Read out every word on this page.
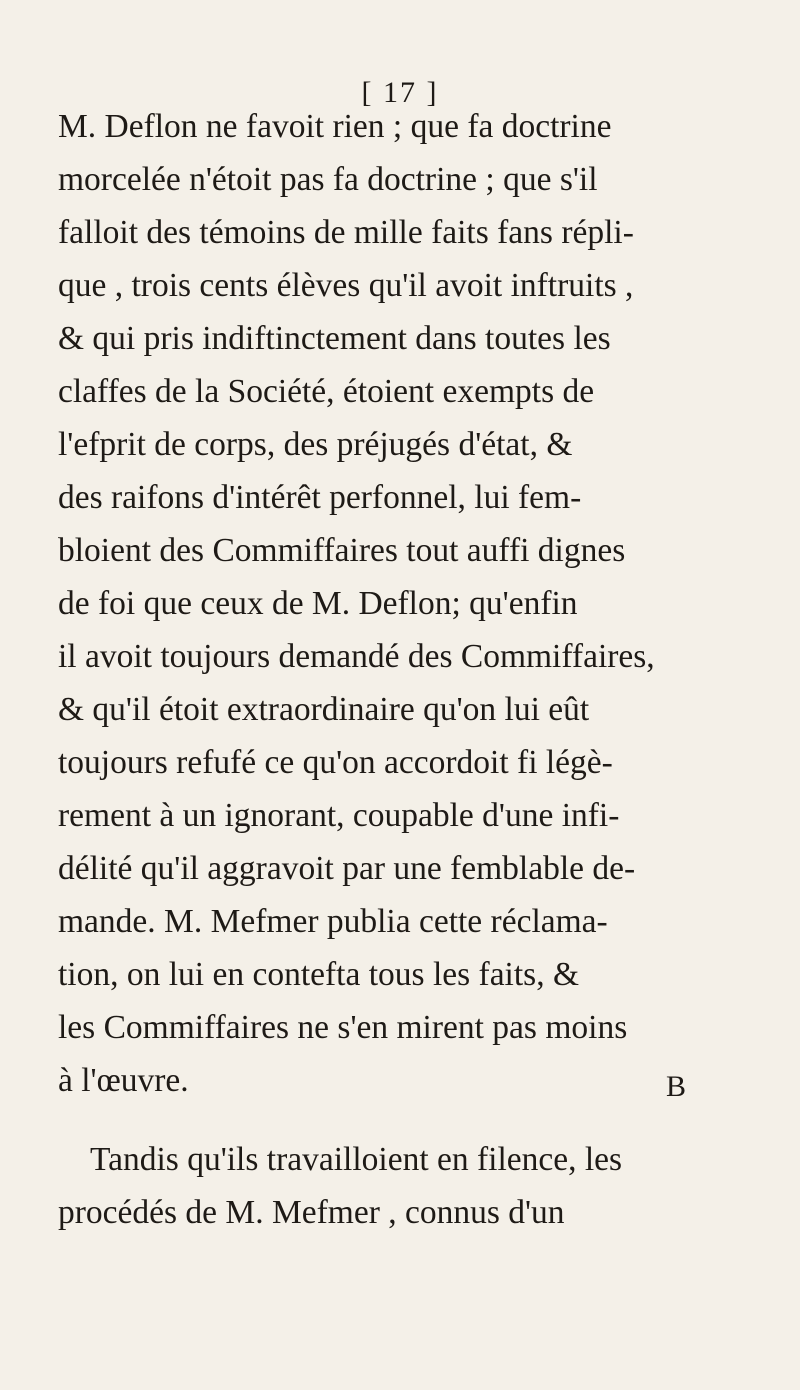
[ 17 ]
M. Deflon ne favoit rien ; que fa doctrine
morcelée n'étoit pas fa doctrine ; que s'il
falloit des témoins de mille faits fans répli-
que , trois cents élèves qu'il avoit inftruits ,
& qui pris indiftinctement dans toutes les
claffes de la Société, étoient exempts de
l'efprit de corps, des préjugés d'état, &
des raifons d'intérêt perfonnel, lui fem-
bloient des Commiffaires tout auffi dignes
de foi que ceux de M. Deflon; qu'enfin
il avoit toujours demandé des Commiffaires,
& qu'il étoit extraordinaire qu'on lui eût
toujours refufé ce qu'on accordoit fi légè-
rement à un ignorant, coupable d'une infi-
délité qu'il aggravoit par une femblable de-
mande. M. Mefmer publia cette réclama-
tion, on lui en contefta tous les faits, &
les Commiffaires ne s'en mirent pas moins
à l'œuvre.
Tandis qu'ils travailloient en filence, les
procédés de M. Mefmer , connus d'un
B
